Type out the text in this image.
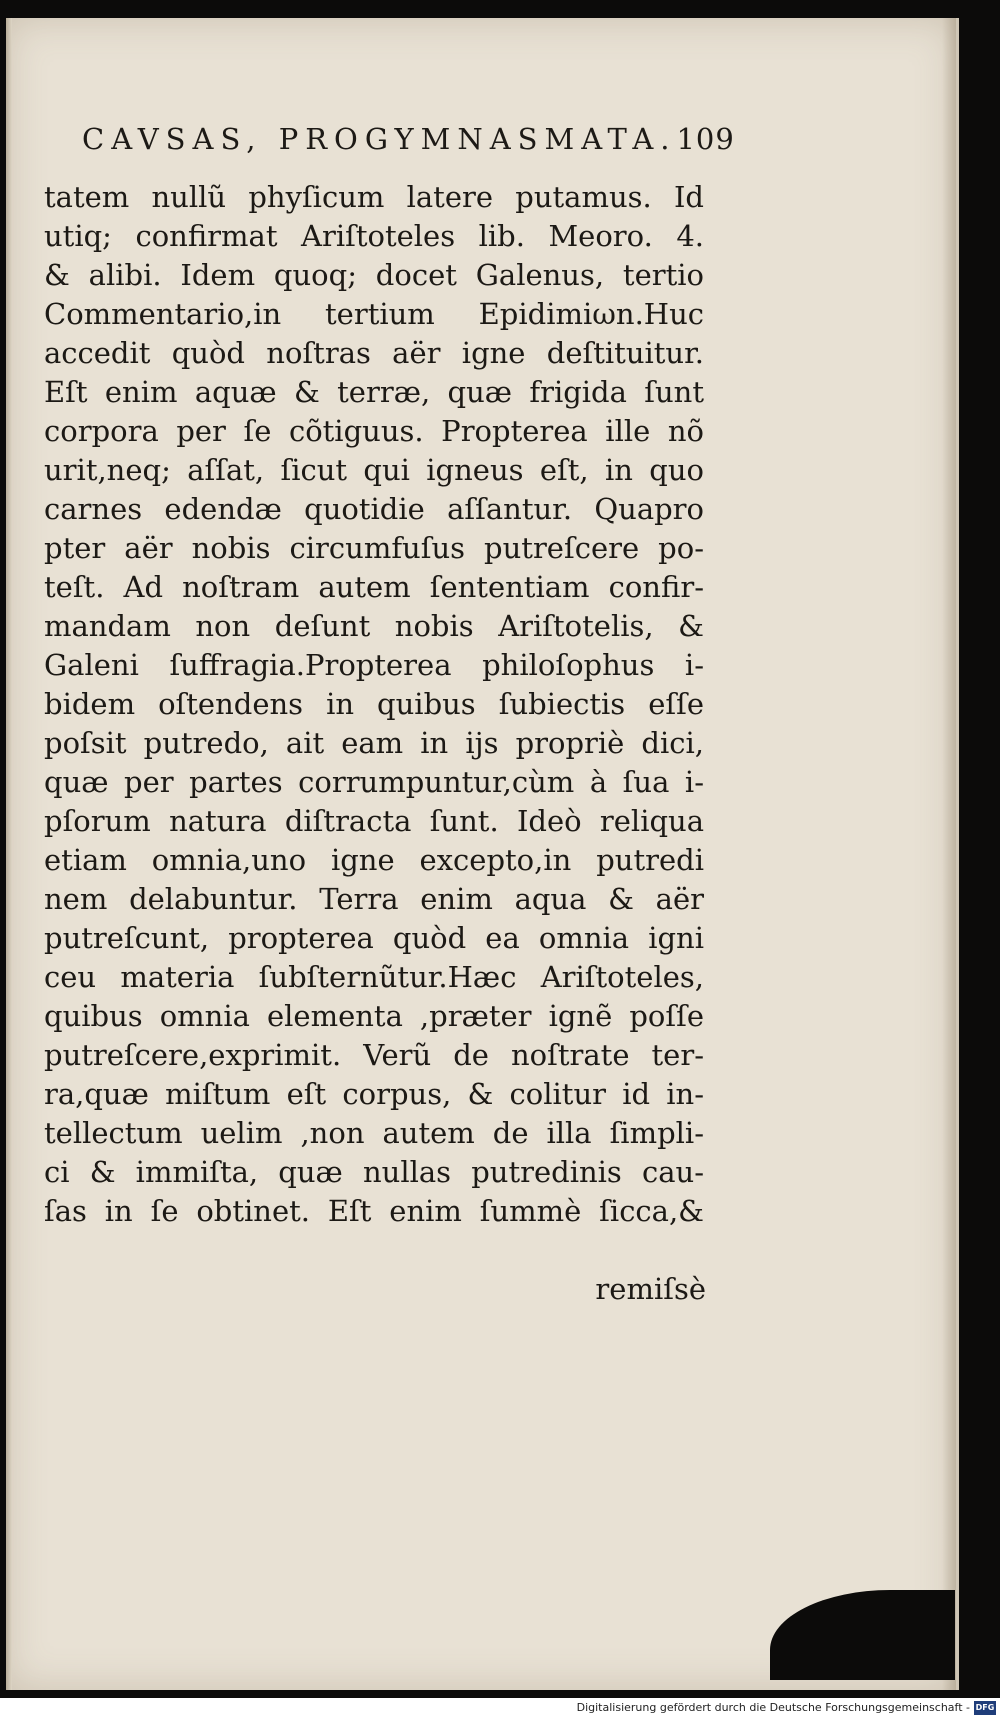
CAVSAS, PROGYMNASMATA.109
tatem nullũ phyſicum latere putamus. Id
utiq; confirmat Ariſtoteles lib. Meoro. 4.
& alibi. Idem quoq; docet Galenus, tertio
Commentario,in tertium Epidimiωn.Huc
accedit quòd noſtras aër igne deſtituitur.
Eſt enim aquæ & terræ, quæ frigida ſunt
corpora per ſe cõtiguus. Propterea ille nõ
urit,neq; aſſat, ſicut qui igneus eſt, in quo
carnes edendæ quotidie aſſantur. Quapro
pter aër nobis circumfuſus putreſcere po-
teſt. Ad noſtram autem ſententiam confir-
mandam non deſunt nobis Ariſtotelis, &
Galeni ſuffragia.Propterea philoſophus i-
bidem oſtendens in quibus ſubiectis eſſe
poſsit putredo, ait eam in ijs propriè dici,
quæ per partes corrumpuntur,cùm à ſua i-
pſorum natura diſtracta ſunt. Ideò reliqua
etiam omnia,uno igne excepto,in putredi
nem delabuntur. Terra enim aqua & aër
putreſcunt, propterea quòd ea omnia igni
ceu materia ſubſternũtur.Hæc Ariſtoteles,
quibus omnia elementa ,præter ignẽ poſſe
putreſcere,exprimit. Verũ de noſtrate ter-
ra,quæ miſtum eſt corpus, & colitur id in-
tellectum uelim ,non autem de illa ſimpli-
ci & immiſta, quæ nullas putredinis cau-
ſas in ſe obtinet. Eſt enim ſummè ſicca,&
remiſsè
Digitalisierung gefördert durch die Deutsche Forschungsgemeinschaft - DFG
